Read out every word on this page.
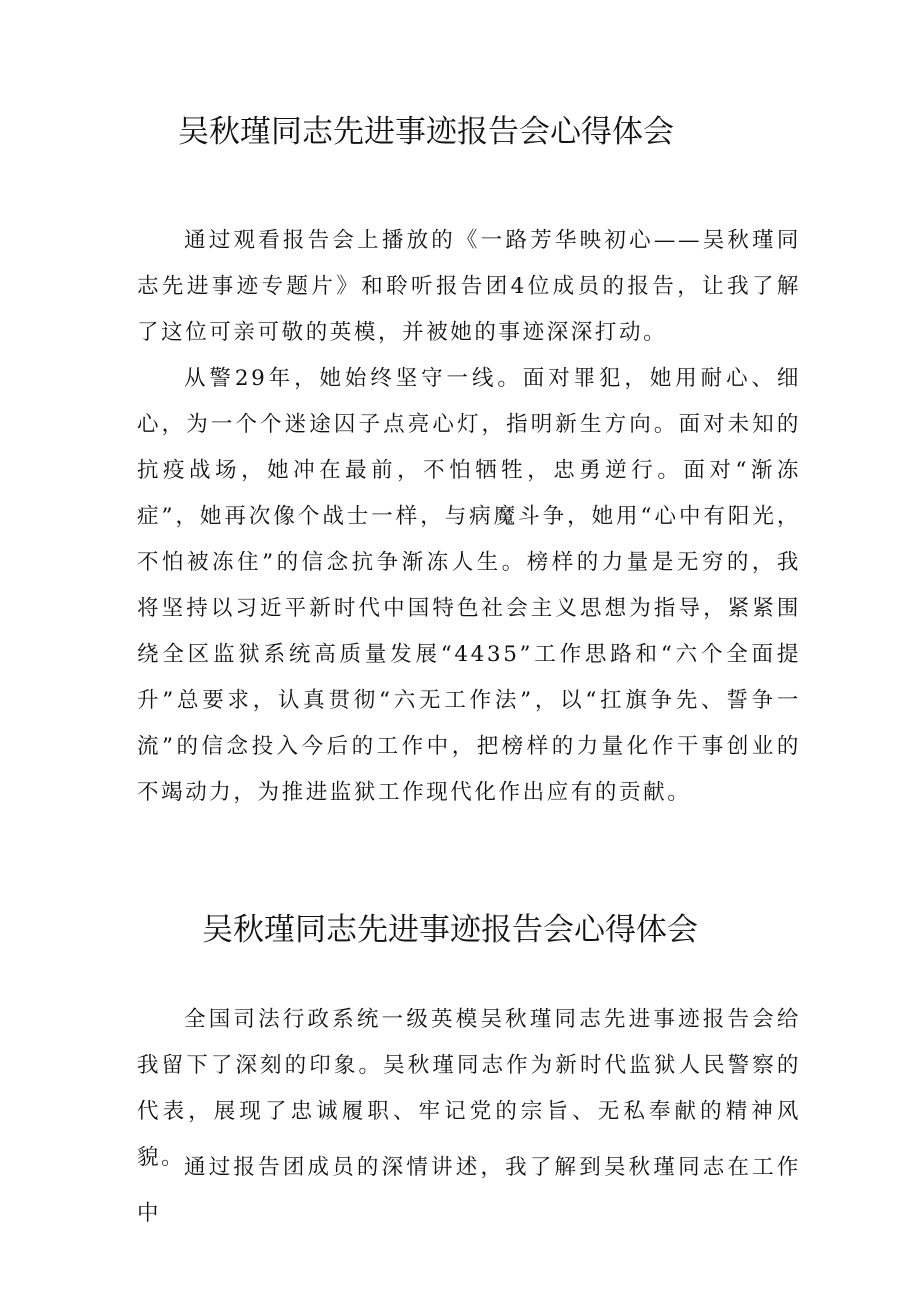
吴秋瑾同志先进事迹报告会心得体会

通过观看报告会上播放的《一路芳华映初心——吴秋瑾同志先进事迹专题片》和聆听报告团4位成员的报告，让我了解了这位可亲可敬的英模，并被她的事迹深深打动。

从警29年，她始终坚守一线。面对罪犯，她用耐心、细心，为一个个迷途囚子点亮心灯，指明新生方向。面对未知的抗疫战场，她冲在最前，不怕牺牲，忠勇逆行。面对“渐冻症”，她再次像个战士一样，与病魔斗争，她用“心中有阳光，不怕被冻住”的信念抗争渐冻人生。榜样的力量是无穷的，我将坚持以习近平新时代中国特色社会主义思想为指导，紧紧围绕全区监狱系统高质量发展“4435”工作思路和“六个全面提升”总要求，认真贯彻“六无工作法”，以“扛旗争先、誓争一流”的信念投入今后的工作中，把榜样的力量化作干事创业的不竭动力，为推进监狱工作现代化作出应有的贡献。

吴秋瑾同志先进事迹报告会心得体会

全国司法行政系统一级英模吴秋瑾同志先进事迹报告会给我留下了深刻的印象。吴秋瑾同志作为新时代监狱人民警察的代表，展现了忠诚履职、牢记党的宗旨、无私奉献的精神风貌。

通过报告团成员的深情讲述，我了解到吴秋瑾同志在工作中
